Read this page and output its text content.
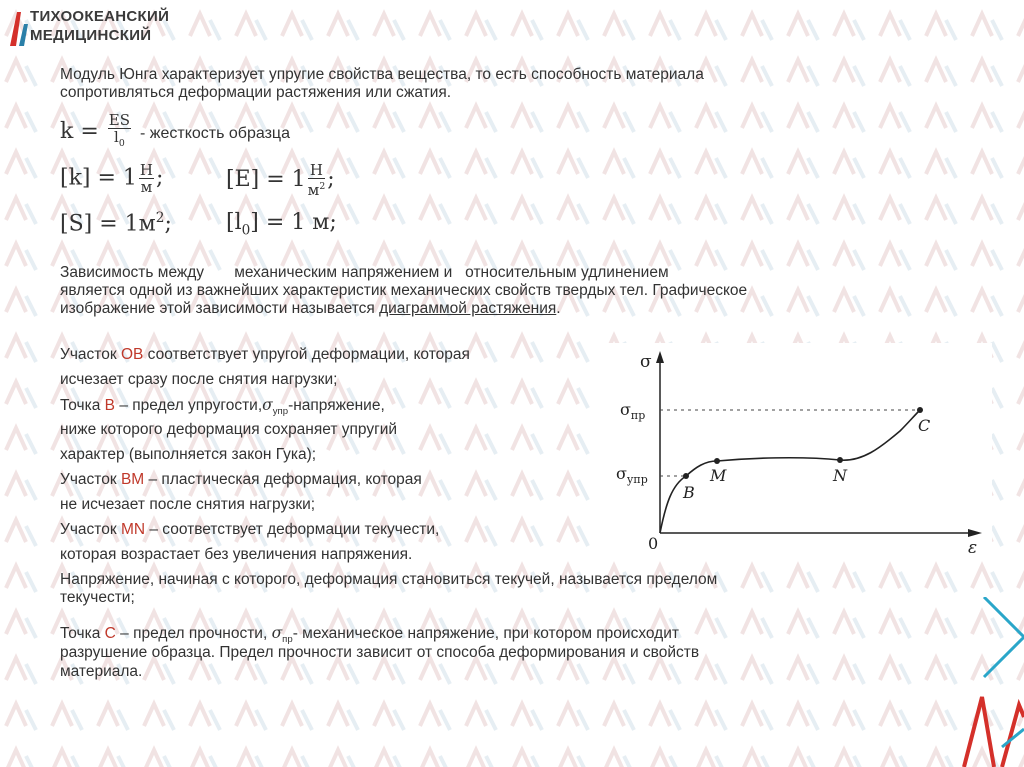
ТИХООКЕАНСКИЙ
МЕДИЦИНСКИЙ
Модуль Юнга характеризует упругие свойства вещества, то есть способность материала
сопротивляться деформации растяжения или сжатия.
$k = \frac{ES}{l_0}$ - жесткость образца
$[k] = 1 \frac{Н}{м}$ ;	$[E] = 1 \frac{Н}{м^2}$ ;
$[S] = 1м^2$; $[l_0] = 1$ м;
Зависимость между       механическим напряжением и   относительным удлинением
является одной из важнейших характеристик механических свойств твердых тел. Графическое
изображение этой зависимости называется диаграммой растяжения.
Участок ОВ соответствует упругой деформации, которая
исчезает сразу после снятия нагрузки;
Точка В – предел $упругости,\sigma_{упр}$-напряжение,
ниже которого деформация сохраняет упругий
характер (выполняется закон Гука);
Участок ВМ – пластическая деформация, которая
не исчезает после снятия нагрузки;
Участок MN – соответствует деформации текучести,
которая возрастает без увеличения напряжения.
Напряжение, начиная с которого, деформация становиться текучей, называется пределом
текучести;
Точка С – предел прочности, $\sigma_{пр}-$ механическое напряжение, при котором происходит
разрушение образца. Предел прочности зависит от способа деформирования и свойств
материала.
σ
ε
0
$\sigma_{пр}$
$\sigma_{упр}$
B
M	N
C
